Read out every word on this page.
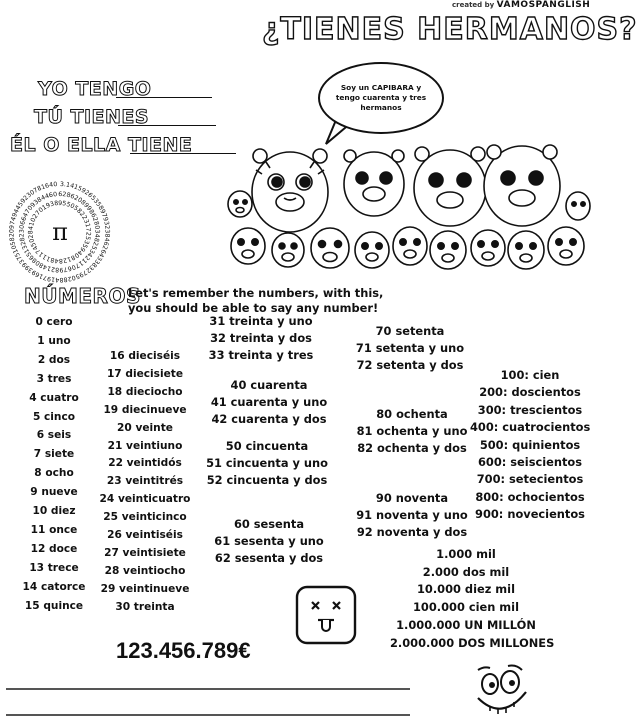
created by VAMOSPANGLISH
¿TIENES HERMANOS?
YO TENGO
TÚ TIENES
ÉL O ELLA TIENE
Soy un CAPIBARA y tengo cuarenta y tres hermanos
3.141592653589793238462643383279502884197169399375105820974944592307816406286208998628034825342117067982148086513282306647093844609550582231725359408128481117450284102701938
π
NÚMEROS
Let's remember the numbers, with this, you should be able to say any number!
0 cero
1 uno
2 dos
3 tres
4 cuatro
5 cinco
6 seis
7 siete
8 ocho
9 nueve
10 diez
11 once
12 doce
13 trece
14 catorce
15 quince
16 dieciséis
17 diecisiete
18 dieciocho
19 diecinueve
20 veinte
21 veintiuno
22 veintidós
23 veintitrés
24 veinticuatro
25 veinticinco
26 veintiséis
27 veintisiete
28 veintiocho
29 veintinueve
30 treinta
31 treinta y uno
32 treinta y dos
33 treinta y tres
40 cuarenta
41 cuarenta y uno
42 cuarenta y dos
50 cincuenta
51 cincuenta y uno
52 cincuenta y dos
60 sesenta
61 sesenta y uno
62 sesenta y dos
70 setenta
71 setenta y uno
72 setenta y dos
80 ochenta
81 ochenta y uno
82 ochenta y dos
90 noventa
91 noventa y uno
92 noventa y dos
100: cien
200: doscientos
300: trescientos
400: cuatrocientos
500: quinientos
600: seiscientos
700: setecientos
800: ochocientos
900: novecientos
1.000 mil
2.000 dos mil
10.000 diez mil
100.000 cien mil
1.000.000 UN MILLÓN
2.000.000 DOS MILLONES
123.456.789€
